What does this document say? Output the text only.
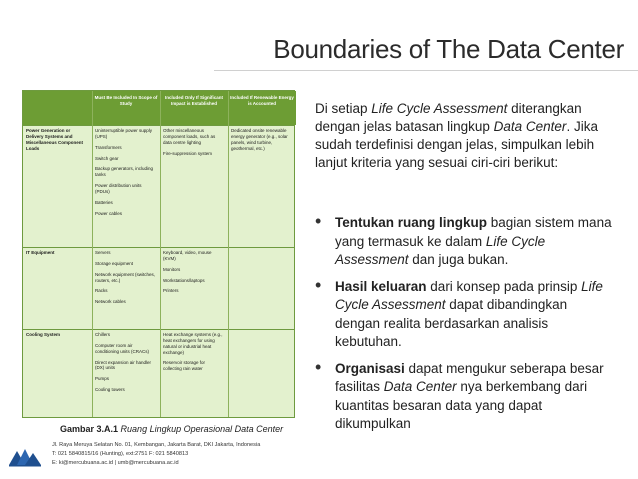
Boundaries of The Data Center
Must Be Included In Scope of Study
Included Only If Significant Impact is Established
Included If Renewable Energy is Accounted
Power Generation or Delivery Systems and Miscellaneous Component Loads

Uninterruptible power supply (UPS)

Transformers

Switch gear

Backup generators, including tanks

Power distribution units (PDUs)

Batteries

Power cables

Other miscellaneous component loads, such as data centre lighting

Fire-suppression system

Dedicated onsite renewable energy generator (e.g., solar panels, wind turbine, geothermal, etc.)

IT Equipment	Servers

Storage equipment

Network equipment (switches, routers, etc.)

Racks

Network cables

Keyboard, video, mouse (KVM)

Monitors

Workstations/laptops

Printers

Cooling System	Chillers

Computer room air conditioning units (CRACs)

Direct expansion air handler (DX) units

Pumps

Cooling towers

Heat exchange systems (e.g., heat exchangers for using natural or industrial heat exchange)

Reservoir storage for collecting rain water

Di setiap Life Cycle Assessment diterangkan dengan jelas batasan lingkup Data Center. Jika sudah terdefinisi dengan jelas, simpulkan lebih lanjut kriteria yang sesuai ciri-ciri berikut:
• Tentukan ruang lingkup bagian sistem mana yang termasuk ke dalam Life Cycle Assessment dan juga bukan.
• Hasil keluaran dari konsep pada prinsip Life Cycle Assessment dapat dibandingkan dengan realita berdasarkan analisis kebutuhan.
• Organisasi dapat mengukur seberapa besar fasilitas Data Center nya berkembang dari kuantitas besaran data yang dapat dikumpulkan
Gambar 3.A.1 Ruang Lingkup Operasional Data Center
Jl. Raya Meruya Selatan No. 01, Kembangan, Jakarta Barat, DKI Jakarta, Indonesia
T: 021 5840815/16 (Hunting), ext:2751 F: 021 5840813
E: ki@mercubuana.ac.id | umb@mercubuana.ac.id
